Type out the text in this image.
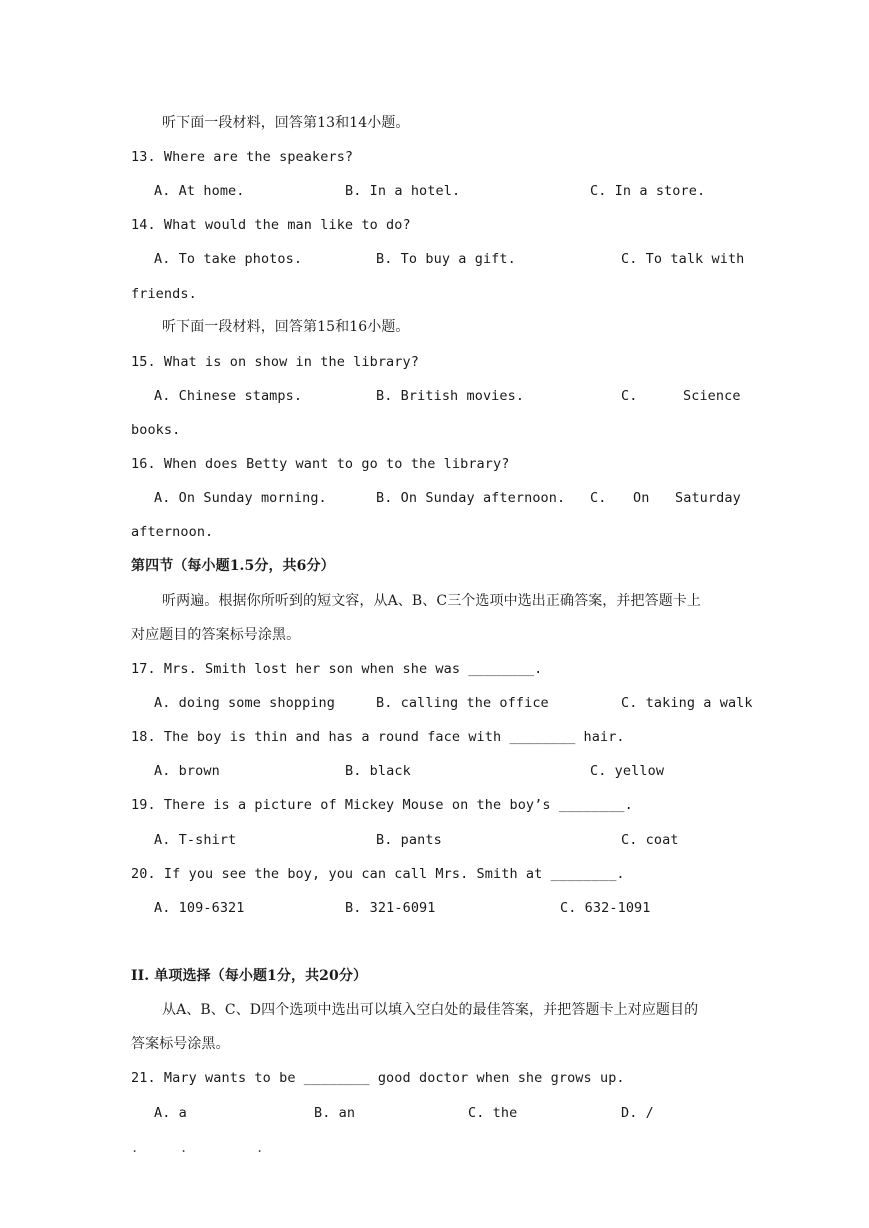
听下面一段材料，回答第13和14小题。
13. Where are the speakers?
A. At home.	B. In a hotel.	C. In a store.
14. What would the man like to do?
A. To take photos.	B. To buy a gift.	C. To talk with
friends.
听下面一段材料，回答第15和16小题。
15. What is on show in the library?
A. Chinese stamps.	B. British movies.	C.	Science
books.
16. When does Betty want to go to the library?
A. On Sunday morning.	B. On Sunday afternoon. C. On Saturday
afternoon.
第四节（每小题1.5分，共6分）
听两遍。根据你所听到的短文容，从A、B、C三个选项中选出正确答案，并把答题卡上
对应题目的答案标号涂黑。
17. Mrs. Smith lost her son when she was ________.
A. doing some shopping	B. calling the office	C. taking a walk
18. The boy is thin and has a round face with ________ hair.
A. brown	B. black	C. yellow
19. There is a picture of Mickey Mouse on the boy’s ________.
A. T-shirt	B. pants	C. coat
20. If you see the boy, you can call Mrs. Smith at ________.
A. 109-6321	B. 321-6091	C. 632-1091
II. 单项选择（每小题1分，共20分）
从A、B、C、D四个选项中选出可以填入空白处的最佳答案，并把答题卡上对应题目的
答案标号涂黑。
21. Mary wants to be ________ good doctor when she grows up.
A. a	B. an	C. the	D. /
.	.	.
